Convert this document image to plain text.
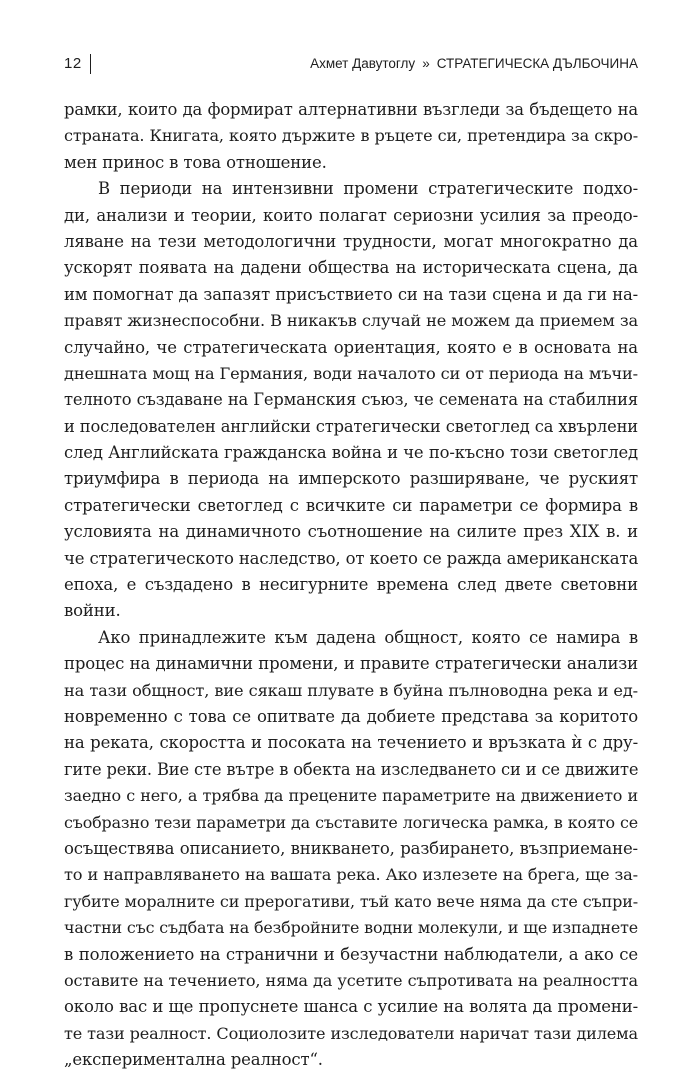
12	Ахмет Давутоглу » СТРАТЕГИЧЕСКА ДЪЛБОЧИНА
рамки, които да формират алтернативни възгледи за бъдещето на
страната. Книгата, която държите в ръцете си, претендира за скро-
мен принос в това отношение.
В периоди на интензивни промени стратегическите подхо-
ди, анализи и теории, които полагат сериозни усилия за преодо-
ляване на тези методологични трудности, могат многократно да
ускорят появата на дадени общества на историческата сцена, да
им помогнат да запазят присъствието си на тази сцена и да ги на-
правят жизнеспособни. В никакъв случай не можем да приемем за
случайно, че стратегическата ориентация, която е в основата на
днешната мощ на Германия, води началото си от периода на мъчи-
телното създаване на Германския съюз, че семената на стабилния
и последователен английски стратегически светоглед са хвърлени
след Английската гражданска война и че по-късно този светоглед
триумфира в периода на имперското разширяване, че руският
стратегически светоглед с всичките си параметри се формира в
условията на динамичното съотношение на силите през XIX в. и
че стратегическото наследство, от което се ражда американската
епоха, е създадено в несигурните времена след двете световни
войни.
Ако принадлежите към дадена общност, която се намира в
процес на динамични промени, и правите стратегически анализи
на тази общност, вие сякаш плувате в буйна пълноводна река и ед-
новременно с това се опитвате да добиете представа за коритото
на реката, скоростта и посоката на течението и връзката ѝ с дру-
гите реки. Вие сте вътре в обекта на изследването си и се движите
заедно с него, а трябва да прецените параметрите на движението и
съобразно тези параметри да съставите логическа рамка, в която се
осъществява описанието, вникването, разбирането, възприемане-
то и направляването на вашата река. Ако излезете на брега, ще за-
губите моралните си прерогативи, тъй като вече няма да сте съпри-
частни със съдбата на безбройните водни молекули, и ще изпаднете
в положението на странични и безучастни наблюдатели, а ако се
оставите на течението, няма да усетите съпротивата на реалността
около вас и ще пропуснете шанса с усилие на волята да промени-
те тази реалност. Социолозите изследователи наричат тази дилема
„експериментална реалност“.
